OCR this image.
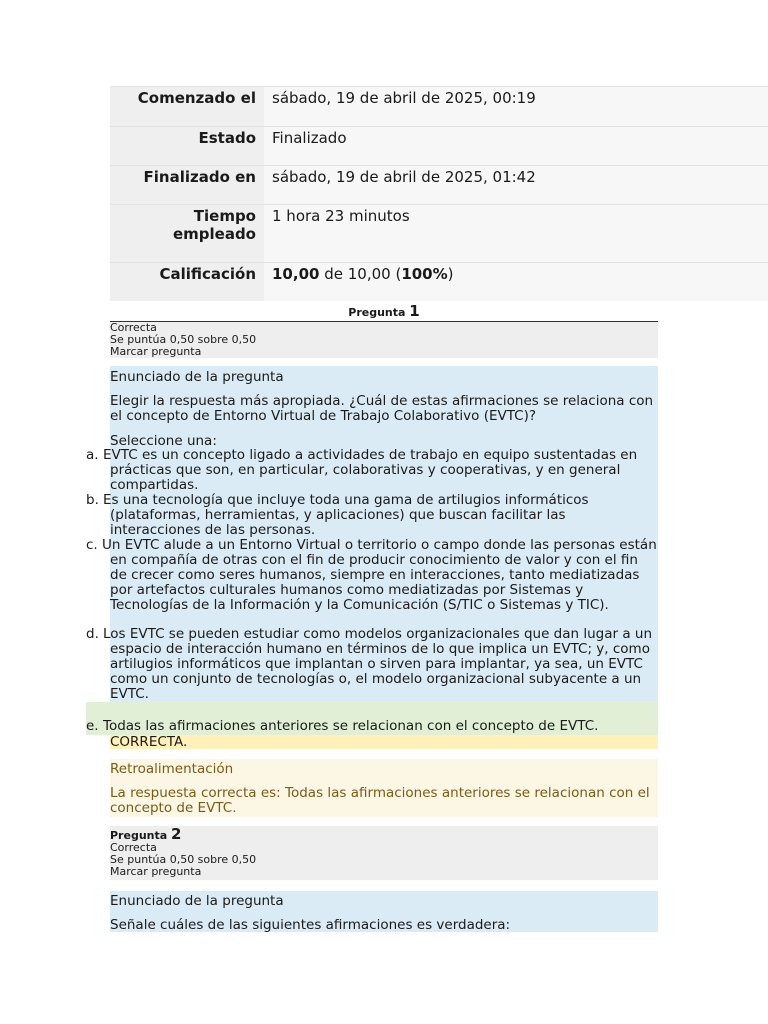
Comenzado el sábado, 19 de abril de 2025, 00:19
Estado Finalizado
Finalizado en sábado, 19 de abril de 2025, 01:42
Tiempo
empleado
1 hora 23 minutos
Calificación 10,00 de 10,00 (100%)
Pregunta 1
Correcta
Se puntúa 0,50 sobre 0,50
Marcar pregunta
Enunciado de la pregunta
Elegir la respuesta más apropiada. ¿Cuál de estas afirmaciones se relaciona con el concepto de Entorno Virtual de Trabajo Colaborativo (EVTC)?
Seleccione una:
a. EVTC es un concepto ligado a actividades de trabajo en equipo sustentadas en prácticas que son, en particular, colaborativas y cooperativas, y en general compartidas.
b. Es una tecnología que incluye toda una gama de artilugios informáticos (plataformas, herramientas, y aplicaciones) que buscan facilitar las interacciones de las personas.
c. Un EVTC alude a un Entorno Virtual o territorio o campo donde las personas están en compañía de otras con el fin de producir conocimiento de valor y con el fin de crecer como seres humanos, siempre en interacciones, tanto mediatizadas por artefactos culturales humanos como mediatizadas por Sistemas y Tecnologías de la Información y la Comunicación (S/TIC o Sistemas y TIC).
d. Los EVTC se pueden estudiar como modelos organizacionales que dan lugar a un espacio de interacción humano en términos de lo que implica un EVTC; y, como artilugios informáticos que implantan o sirven para implantar, ya sea, un EVTC como un conjunto de tecnologías o, el modelo organizacional subyacente a un EVTC.
e. Todas las afirmaciones anteriores se relacionan con el concepto de EVTC.
CORRECTA.
Retroalimentación
La respuesta correcta es: Todas las afirmaciones anteriores se relacionan con el concepto de EVTC.
Pregunta 2
Correcta
Se puntúa 0,50 sobre 0,50
Marcar pregunta
Enunciado de la pregunta
Señale cuáles de las siguientes afirmaciones es verdadera:
